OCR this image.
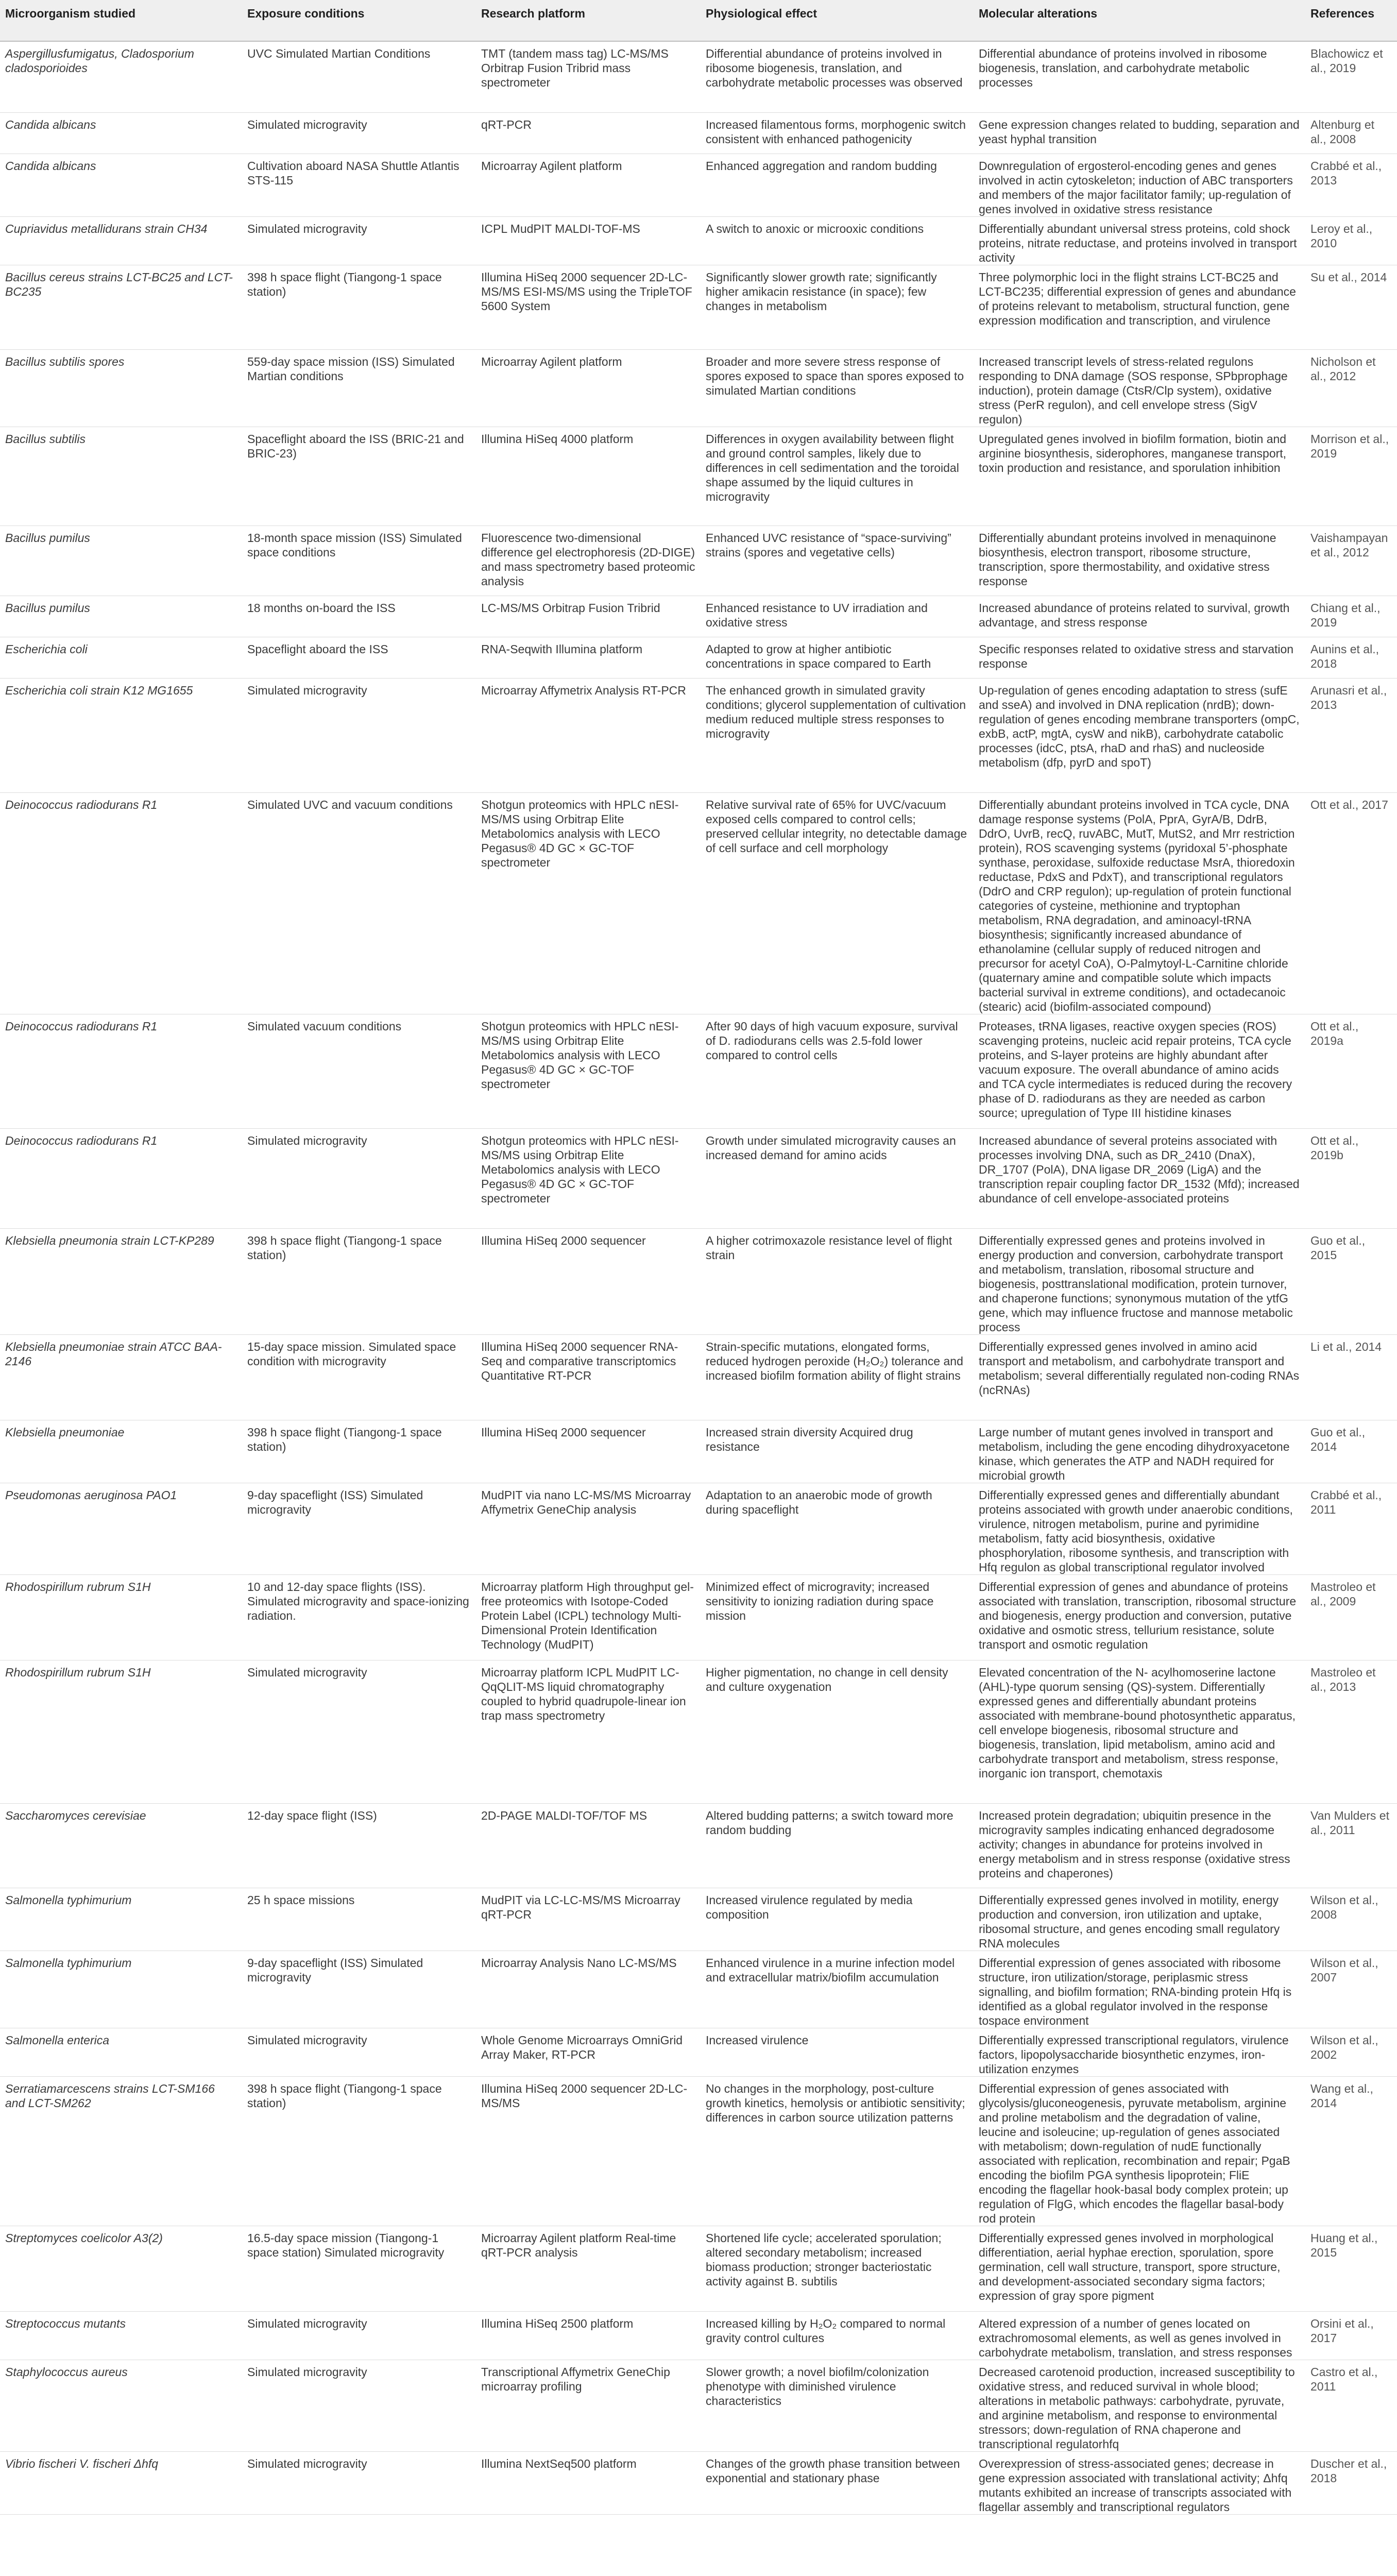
Microorganism studied	Exposure conditions	Research platform	Physiological effect	Molecular alterations	References
Aspergillusfumigatus, Cladosporium cladosporioides	UVC Simulated Martian Conditions	TMT (tandem mass tag) LC-MS/MS Orbitrap Fusion Tribrid mass spectrometer	Differential abundance of proteins involved in ribosome biogenesis, translation, and carbohydrate metabolic processes was observed	Differential abundance of proteins involved in ribosome biogenesis, translation, and carbohydrate metabolic processes	Blachowicz et al., 2019
Candida albicans	Simulated microgravity	qRT-PCR	Increased filamentous forms, morphogenic switch consistent with enhanced pathogenicity	Gene expression changes related to budding, separation and yeast hyphal transition	Altenburg et al., 2008
Candida albicans	Cultivation aboard NASA Shuttle Atlantis STS-115	Microarray Agilent platform	Enhanced aggregation and random budding	Downregulation of ergosterol-encoding genes and genes involved in actin cytoskeleton; induction of ABC transporters and members of the major facilitator family; up-regulation of genes involved in oxidative stress resistance	Crabbé et al., 2013
Cupriavidus metallidurans strain CH34	Simulated microgravity	ICPL MudPIT MALDI-TOF-MS	A switch to anoxic or microoxic conditions	Differentially abundant universal stress proteins, cold shock proteins, nitrate reductase, and proteins involved in transport activity	Leroy et al., 2010
Bacillus cereus strains LCT-BC25 and LCT-BC235	398 h space flight (Tiangong-1 space station)	Illumina HiSeq 2000 sequencer 2D-LC-MS/MS ESI-MS/MS using the TripleTOF 5600 System	Significantly slower growth rate; significantly higher amikacin resistance (in space); few changes in metabolism	Three polymorphic loci in the flight strains LCT-BC25 and LCT-BC235; differential expression of genes and abundance of proteins relevant to metabolism, structural function, gene expression modification and transcription, and virulence	Su et al., 2014
Bacillus subtilis spores	559-day space mission (ISS) Simulated Martian conditions	Microarray Agilent platform	Broader and more severe stress response of spores exposed to space than spores exposed to simulated Martian conditions	Increased transcript levels of stress-related regulons responding to DNA damage (SOS response, SPbprophage induction), protein damage (CtsR/Clp system), oxidative stress (PerR regulon), and cell envelope stress (SigV regulon)	Nicholson et al., 2012
Bacillus subtilis	Spaceflight aboard the ISS (BRIC-21 and BRIC-23)	Illumina HiSeq 4000 platform	Differences in oxygen availability between flight and ground control samples, likely due to differences in cell sedimentation and the toroidal shape assumed by the liquid cultures in microgravity	Upregulated genes involved in biofilm formation, biotin and arginine biosynthesis, siderophores, manganese transport, toxin production and resistance, and sporulation inhibition	Morrison et al., 2019
Bacillus pumilus	18-month space mission (ISS) Simulated space conditions	Fluorescence two-dimensional difference gel electrophoresis (2D-DIGE) and mass spectrometry based proteomic analysis	Enhanced UVC resistance of “space-surviving” strains (spores and vegetative cells)	Differentially abundant proteins involved in menaquinone biosynthesis, electron transport, ribosome structure, transcription, spore thermostability, and oxidative stress response	Vaishampayan et al., 2012
Bacillus pumilus	18 months on-board the ISS	LC-MS/MS Orbitrap Fusion Tribrid	Enhanced resistance to UV irradiation and oxidative stress	Increased abundance of proteins related to survival, growth advantage, and stress response	Chiang et al., 2019
Escherichia coli	Spaceflight aboard the ISS	RNA-Seqwith Illumina platform	Adapted to grow at higher antibiotic concentrations in space compared to Earth	Specific responses related to oxidative stress and starvation response	Aunins et al., 2018
Escherichia coli strain K12 MG1655	Simulated microgravity	Microarray Affymetrix Analysis RT-PCR	The enhanced growth in simulated gravity conditions; glycerol supplementation of cultivation medium reduced multiple stress responses to microgravity	Up-regulation of genes encoding adaptation to stress (sufE and sseA) and involved in DNA replication (nrdB); down-regulation of genes encoding membrane transporters (ompC, exbB, actP, mgtA, cysW and nikB), carbohydrate catabolic processes (idcC, ptsA, rhaD and rhaS) and nucleoside metabolism (dfp, pyrD and spoT)	Arunasri et al., 2013
Deinococcus radiodurans R1	Simulated UVC and vacuum conditions	Shotgun proteomics with HPLC nESI-MS/MS using Orbitrap Elite Metabolomics analysis with LECO Pegasus® 4D GC × GC-TOF spectrometer	Relative survival rate of 65% for UVC/vacuum exposed cells compared to control cells; preserved cellular integrity, no detectable damage of cell surface and cell morphology	Differentially abundant proteins involved in TCA cycle, DNA damage response systems (PolA, PprA, GyrA/B, DdrB, DdrO, UvrB, recQ, ruvABC, MutT, MutS2, and Mrr restriction protein), ROS scavenging systems (pyridoxal 5’-phosphate synthase, peroxidase, sulfoxide reductase MsrA, thioredoxin reductase, PdxS and PdxT), and transcriptional regulators (DdrO and CRP regulon); up-regulation of protein functional categories of cysteine, methionine and tryptophan metabolism, RNA degradation, and aminoacyl-tRNA biosynthesis; significantly increased abundance of ethanolamine (cellular supply of reduced nitrogen and precursor for acetyl CoA), O-Palmytoyl-L-Carnitine chloride (quaternary amine and compatible solute which impacts bacterial survival in extreme conditions), and octadecanoic (stearic) acid (biofilm-associated compound)	Ott et al., 2017
Deinococcus radiodurans R1	Simulated vacuum conditions	Shotgun proteomics with HPLC nESI-MS/MS using Orbitrap Elite Metabolomics analysis with LECO Pegasus® 4D GC × GC-TOF spectrometer	After 90 days of high vacuum exposure, survival of D. radiodurans cells was 2.5-fold lower compared to control cells	Proteases, tRNA ligases, reactive oxygen species (ROS) scavenging proteins, nucleic acid repair proteins, TCA cycle proteins, and S-layer proteins are highly abundant after vacuum exposure. The overall abundance of amino acids and TCA cycle intermediates is reduced during the recovery phase of D. radiodurans as they are needed as carbon source; upregulation of Type III histidine kinases	Ott et al., 2019a
Deinococcus radiodurans R1	Simulated microgravity	Shotgun proteomics with HPLC nESI-MS/MS using Orbitrap Elite Metabolomics analysis with LECO Pegasus® 4D GC × GC-TOF spectrometer	Growth under simulated microgravity causes an increased demand for amino acids	Increased abundance of several proteins associated with processes involving DNA, such as DR_2410 (DnaX), DR_1707 (PolA), DNA ligase DR_2069 (LigA) and the transcription repair coupling factor DR_1532 (Mfd); increased abundance of cell envelope-associated proteins	Ott et al., 2019b
Klebsiella pneumonia strain LCT-KP289	398 h space flight (Tiangong-1 space station)	Illumina HiSeq 2000 sequencer	A higher cotrimoxazole resistance level of flight strain	Differentially expressed genes and proteins involved in energy production and conversion, carbohydrate transport and metabolism, translation, ribosomal structure and biogenesis, posttranslational modification, protein turnover, and chaperone functions; synonymous mutation of the ytfG gene, which may influence fructose and mannose metabolic process	Guo et al., 2015
Klebsiella pneumoniae strain ATCC BAA-2146	15-day space mission. Simulated space condition with microgravity	Illumina HiSeq 2000 sequencer RNA-Seq and comparative transcriptomics Quantitative RT-PCR	Strain-specific mutations, elongated forms, reduced hydrogen peroxide (H₂O₂) tolerance and increased biofilm formation ability of flight strains	Differentially expressed genes involved in amino acid transport and metabolism, and carbohydrate transport and metabolism; several differentially regulated non-coding RNAs (ncRNAs)	Li et al., 2014
Klebsiella pneumoniae	398 h space flight (Tiangong-1 space station)	Illumina HiSeq 2000 sequencer	Increased strain diversity Acquired drug resistance	Large number of mutant genes involved in transport and metabolism, including the gene encoding dihydroxyacetone kinase, which generates the ATP and NADH required for microbial growth	Guo et al., 2014
Pseudomonas aeruginosa PAO1	9-day spaceflight (ISS) Simulated microgravity	MudPIT via nano LC-MS/MS Microarray Affymetrix GeneChip analysis	Adaptation to an anaerobic mode of growth during spaceflight	Differentially expressed genes and differentially abundant proteins associated with growth under anaerobic conditions, virulence, nitrogen metabolism, purine and pyrimidine metabolism, fatty acid biosynthesis, oxidative phosphorylation, ribosome synthesis, and transcription with Hfq regulon as global transcriptional regulator involved	Crabbé et al., 2011
Rhodospirillum rubrum S1H	10 and 12-day space flights (ISS). Simulated microgravity and space-ionizing radiation.	Microarray platform High throughput gel-free proteomics with Isotope-Coded Protein Label (ICPL) technology Multi-Dimensional Protein Identification Technology (MudPIT)	Minimized effect of microgravity; increased sensitivity to ionizing radiation during space mission	Differential expression of genes and abundance of proteins associated with translation, transcription, ribosomal structure and biogenesis, energy production and conversion, putative oxidative and osmotic stress, tellurium resistance, solute transport and osmotic regulation	Mastroleo et al., 2009
Rhodospirillum rubrum S1H	Simulated microgravity	Microarray platform ICPL MudPIT LC-QqQLIT-MS liquid chromatography coupled to hybrid quadrupole-linear ion trap mass spectrometry	Higher pigmentation, no change in cell density and culture oxygenation	Elevated concentration of the N- acylhomoserine lactone (AHL)-type quorum sensing (QS)-system. Differentially expressed genes and differentially abundant proteins associated with membrane-bound photosynthetic apparatus, cell envelope biogenesis, ribosomal structure and biogenesis, translation, lipid metabolism, amino acid and carbohydrate transport and metabolism, stress response, inorganic ion transport, chemotaxis	Mastroleo et al., 2013
Saccharomyces cerevisiae	12-day space flight (ISS)	2D-PAGE MALDI-TOF/TOF MS	Altered budding patterns; a switch toward more random budding	Increased protein degradation; ubiquitin presence in the microgravity samples indicating enhanced degradosome activity; changes in abundance for proteins involved in energy metabolism and in stress response (oxidative stress proteins and chaperones)	Van Mulders et al., 2011
Salmonella typhimurium	25 h space missions	MudPIT via LC-LC-MS/MS Microarray qRT-PCR	Increased virulence regulated by media composition	Differentially expressed genes involved in motility, energy production and conversion, iron utilization and uptake, ribosomal structure, and genes encoding small regulatory RNA molecules	Wilson et al., 2008
Salmonella typhimurium	9-day spaceflight (ISS) Simulated microgravity	Microarray Analysis Nano LC-MS/MS	Enhanced virulence in a murine infection model and extracellular matrix/biofilm accumulation	Differential expression of genes associated with ribosome structure, iron utilization/storage, periplasmic stress signalling, and biofilm formation; RNA-binding protein Hfq is identified as a global regulator involved in the response tospace environment	Wilson et al., 2007
Salmonella enterica	Simulated microgravity	Whole Genome Microarrays OmniGrid Array Maker, RT-PCR	Increased virulence	Differentially expressed transcriptional regulators, virulence factors, lipopolysaccharide biosynthetic enzymes, iron-utilization enzymes	Wilson et al., 2002
Serratiamarcescens strains LCT-SM166 and LCT-SM262	398 h space flight (Tiangong-1 space station)	Illumina HiSeq 2000 sequencer 2D-LC-MS/MS	No changes in the morphology, post-culture growth kinetics, hemolysis or antibiotic sensitivity; differences in carbon source utilization patterns	Differential expression of genes associated with glycolysis/gluconeogenesis, pyruvate metabolism, arginine and proline metabolism and the degradation of valine, leucine and isoleucine; up-regulation of genes associated with metabolism; down-regulation of nudE functionally associated with replication, recombination and repair; PgaB encoding the biofilm PGA synthesis lipoprotein; FliE encoding the flagellar hook-basal body complex protein; up regulation of FlgG, which encodes the flagellar basal-body rod protein	Wang et al., 2014
Streptomyces coelicolor A3(2)	16.5-day space mission (Tiangong-1 space station) Simulated microgravity	Microarray Agilent platform Real-time qRT-PCR analysis	Shortened life cycle; accelerated sporulation; altered secondary metabolism; increased biomass production; stronger bacteriostatic activity against B. subtilis	Differentially expressed genes involved in morphological differentiation, aerial hyphae erection, sporulation, spore germination, cell wall structure, transport, spore structure, and development-associated secondary sigma factors; expression of gray spore pigment	Huang et al., 2015
Streptococcus mutants	Simulated microgravity	Illumina HiSeq 2500 platform	Increased killing by H₂O₂ compared to normal gravity control cultures	Altered expression of a number of genes located on extrachromosomal elements, as well as genes involved in carbohydrate metabolism, translation, and stress responses	Orsini et al., 2017
Staphylococcus aureus	Simulated microgravity	Transcriptional Affymetrix GeneChip microarray profiling	Slower growth; a novel biofilm/colonization phenotype with diminished virulence characteristics	Decreased carotenoid production, increased susceptibility to oxidative stress, and reduced survival in whole blood; alterations in metabolic pathways: carbohydrate, pyruvate, and arginine metabolism, and response to environmental stressors; down-regulation of RNA chaperone and transcriptional regulatorhfq	Castro et al., 2011
Vibrio fischeri V. fischeri Δhfq	Simulated microgravity	Illumina NextSeq500 platform	Changes of the growth phase transition between exponential and stationary phase	Overexpression of stress-associated genes; decrease in gene expression associated with translational activity; Δhfq mutants exhibited an increase of transcripts associated with flagellar assembly and transcriptional regulators	Duscher et al., 2018
